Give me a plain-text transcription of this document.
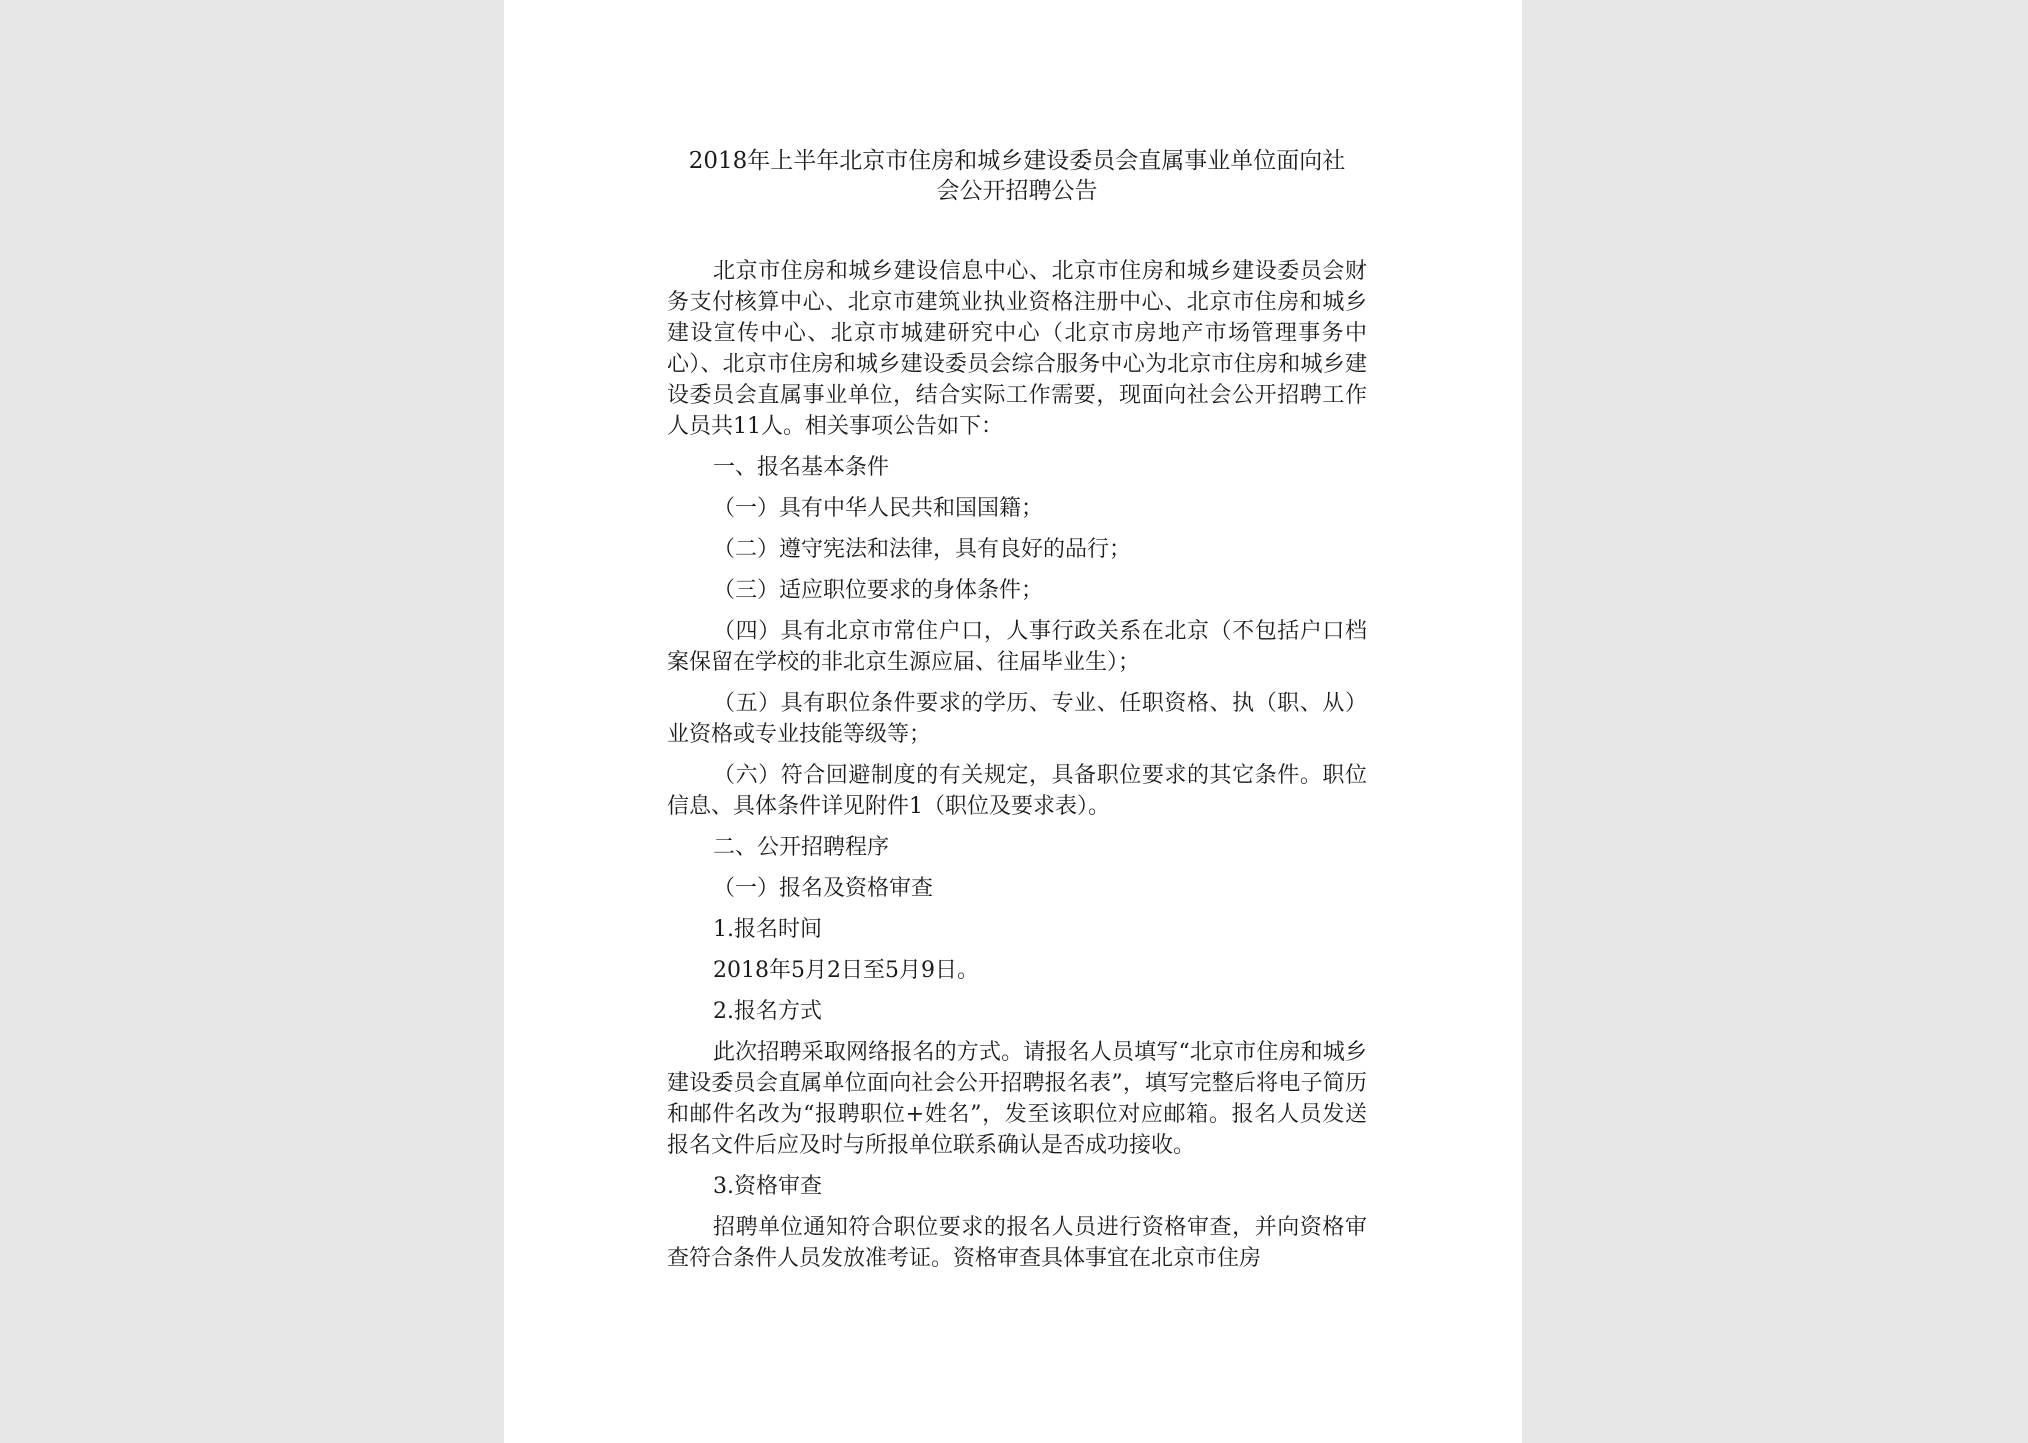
2018年上半年北京市住房和城乡建设委员会直属事业单位面向社
会公开招聘公告

北京市住房和城乡建设信息中心、北京市住房和城乡建设委员会财务支付核算中心、北京市建筑业执业资格注册中心、北京市住房和城乡建设宣传中心、北京市城建研究中心（北京市房地产市场管理事务中心）、北京市住房和城乡建设委员会综合服务中心为北京市住房和城乡建设委员会直属事业单位，结合实际工作需要，现面向社会公开招聘工作人员共11人。相关事项公告如下：

一、报名基本条件

（一）具有中华人民共和国国籍；

（二）遵守宪法和法律，具有良好的品行；

（三）适应职位要求的身体条件；

（四）具有北京市常住户口，人事行政关系在北京（不包括户口档案保留在学校的非北京生源应届、往届毕业生）；

（五）具有职位条件要求的学历、专业、任职资格、执（职、从）业资格或专业技能等级等；

（六）符合回避制度的有关规定，具备职位要求的其它条件。职位信息、具体条件详见附件1（职位及要求表）。

二、公开招聘程序

（一）报名及资格审查

1.报名时间

2018年5月2日至5月9日。

2.报名方式

此次招聘采取网络报名的方式。请报名人员填写“北京市住房和城乡建设委员会直属单位面向社会公开招聘报名表”，填写完整后将电子简历和邮件名改为“报聘职位+姓名”，发至该职位对应邮箱。报名人员发送报名文件后应及时与所报单位联系确认是否成功接收。

3.资格审查

招聘单位通知符合职位要求的报名人员进行资格审查，并向资格审查符合条件人员发放准考证。资格审查具体事宜在北京市住房
